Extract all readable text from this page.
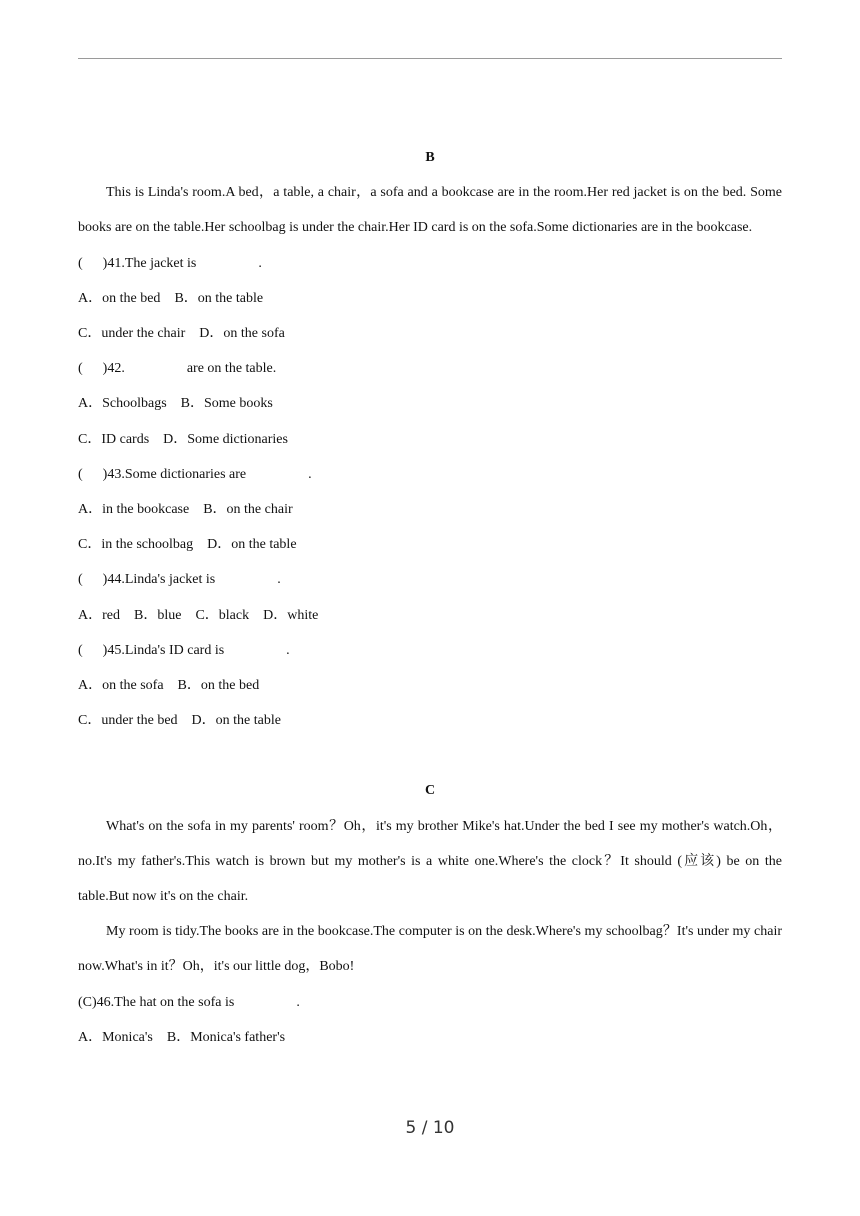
B

This is Linda's room.A bed，a table, a chair，a sofa and a bookcase are in the room.Her red jacket is on the bed. Some books are on the table.Her schoolbag is under the chair.Her ID card is on the sofa.Some dictionaries are in the bookcase.

( )41.The jacket is	.

A．on the bed B．on the table

C．under the chair D．on the sofa

( )42.	are on the table.

A．Schoolbags B．Some books

C．ID cards D．Some dictionaries

( )43.Some dictionaries are	.

A．in the bookcase B．on the chair

C．in the schoolbag D．on the table

( )44.Linda's jacket is	.

A．red B．blue C．black D．white

( )45.Linda's ID card is	.

A．on the sofa B．on the bed

C．under the bed D．on the table

C

What's on the sofa in my parents' room？Oh，it's my brother Mike's hat.Under the bed I see my mother's watch.Oh，no.It's my father's.This watch is brown but my mother's is a white one.Where's the clock？It should (应该) be on the table.But now it's on the chair.

My room is tidy.The books are in the bookcase.The computer is on the desk.Where's my schoolbag？It's under my chair now.What's in it？Oh，it's our little dog，Bobo!

(C)46.The hat on the sofa is	.

A．Monica's B．Monica's father's

5 / 10
